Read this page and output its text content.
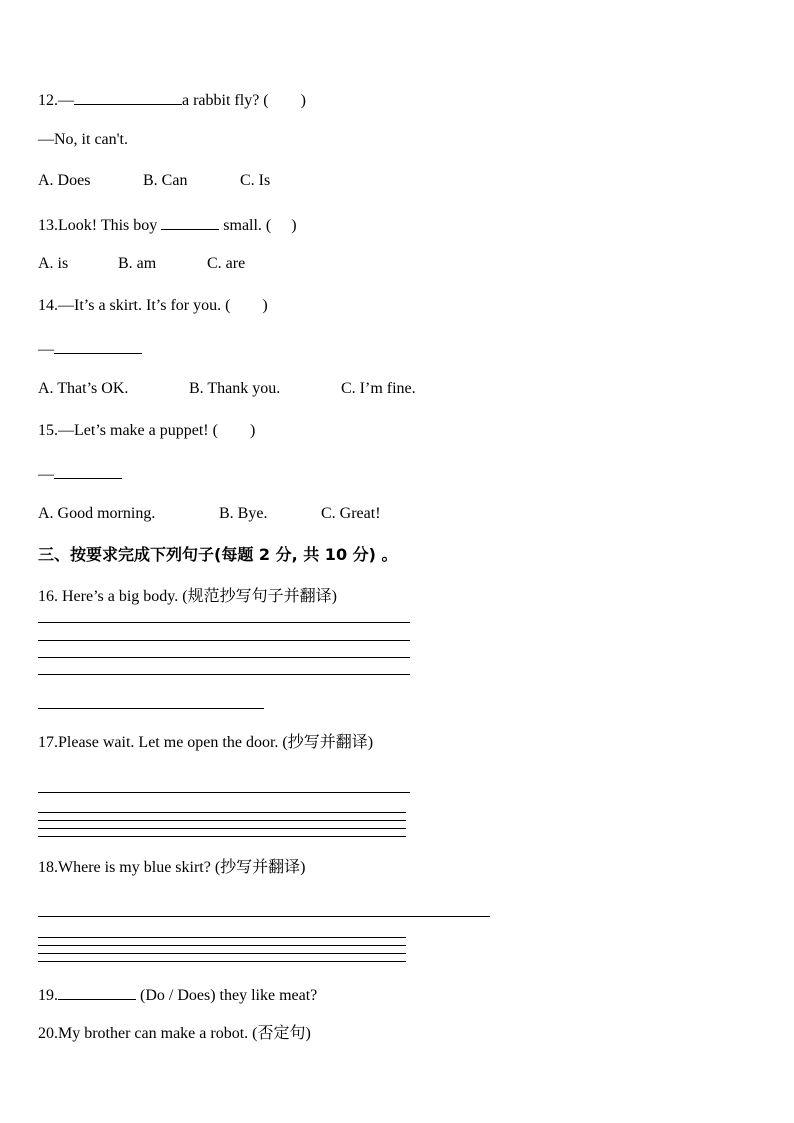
12.—	a rabbit fly? (　　)
—No, it can't.
A. Does	B. Can	C. Is
13.Look! This boy	small. (　 )
A. is	B. am	C. are
14.—It’s a skirt. It’s for you. (　　)
—
A. That’s OK.	B. Thank you.	C. I’m fine.
15.—Let’s make a puppet! (　　)
—
A. Good morning.	B. Bye.	C. Great!
三、按要求完成下列句子(每题 2 分, 共 10 分) 。
16. Here’s a big body. (规范抄写句子并翻译)
17.Please wait. Let me open the door. (抄写并翻译)
18.Where is my blue skirt? (抄写并翻译)
19.	(Do / Does) they like meat?
20.My brother can make a robot. (否定句)
